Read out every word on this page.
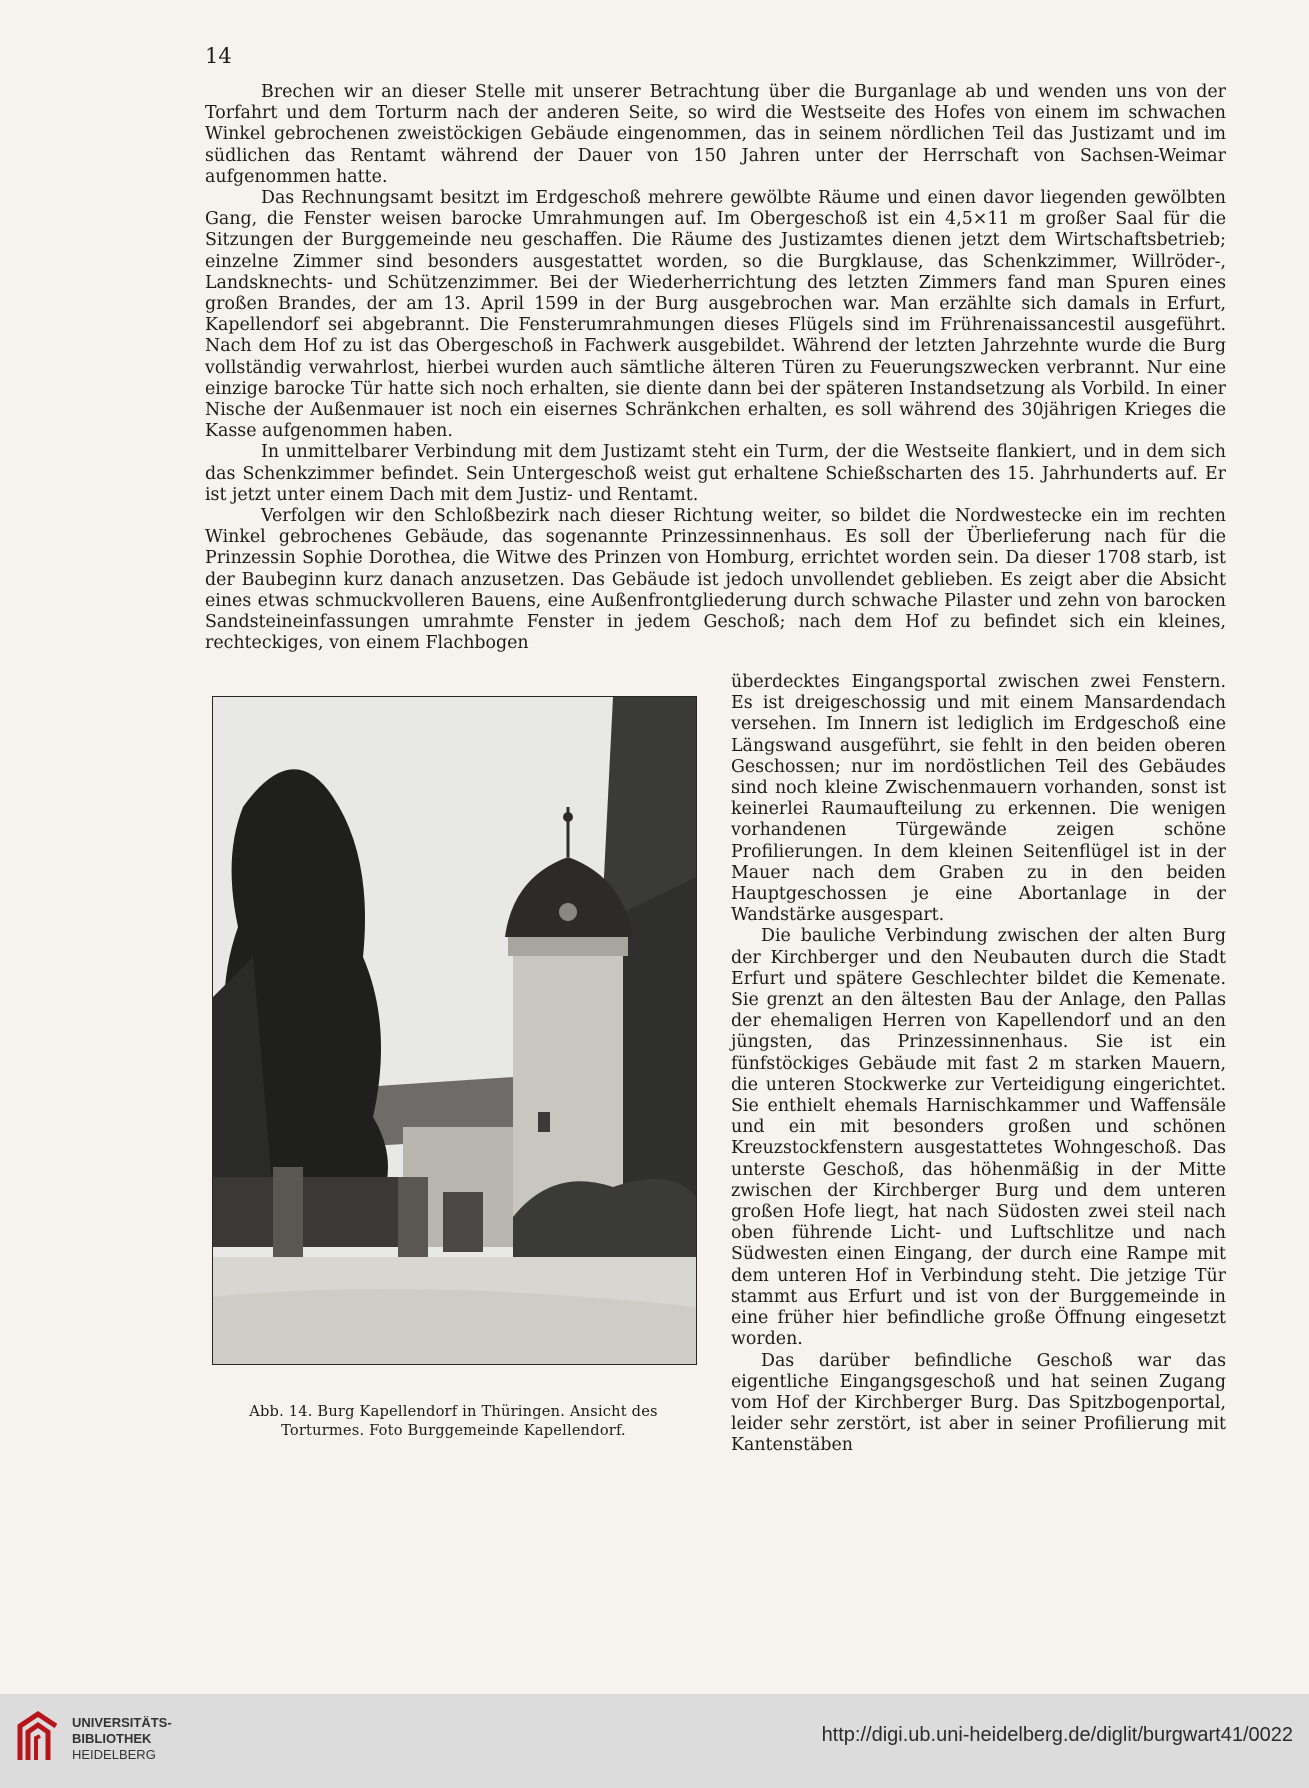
14

Brechen wir an dieser Stelle mit unserer Betrachtung über die Burganlage ab und wenden uns von der Torfahrt und dem Torturm nach der anderen Seite, so wird die Westseite des Hofes von einem im schwachen Winkel gebrochenen zweistöckigen Gebäude eingenommen, das in seinem nördlichen Teil das Justizamt und im südlichen das Rentamt während der Dauer von 150 Jahren unter der Herrschaft von Sachsen-Weimar aufgenommen hatte.

Das Rechnungsamt besitzt im Erdgeschoß mehrere gewölbte Räume und einen davor liegenden gewölbten Gang, die Fenster weisen barocke Umrahmungen auf. Im Obergeschoß ist ein 4,5×11 m großer Saal für die Sitzungen der Burggemeinde neu geschaffen. Die Räume des Justizamtes dienen jetzt dem Wirtschaftsbetrieb; einzelne Zimmer sind besonders ausgestattet worden, so die Burgklause, das Schenkzimmer, Willröder-, Landsknechts- und Schützenzimmer. Bei der Wiederherrichtung des letzten Zimmers fand man Spuren eines großen Brandes, der am 13. April 1599 in der Burg ausgebrochen war. Man erzählte sich damals in Erfurt, Kapellendorf sei abgebrannt. Die Fensterumrahmungen dieses Flügels sind im Frührenaissancestil ausgeführt. Nach dem Hof zu ist das Obergeschoß in Fachwerk ausgebildet. Während der letzten Jahrzehnte wurde die Burg vollständig verwahrlost, hierbei wurden auch sämtliche älteren Türen zu Feuerungszwecken verbrannt. Nur eine einzige barocke Tür hatte sich noch erhalten, sie diente dann bei der späteren Instandsetzung als Vorbild. In einer Nische der Außenmauer ist noch ein eisernes Schränkchen erhalten, es soll während des 30jährigen Krieges die Kasse aufgenommen haben.

In unmittelbarer Verbindung mit dem Justizamt steht ein Turm, der die Westseite flankiert, und in dem sich das Schenkzimmer befindet. Sein Untergeschoß weist gut erhaltene Schießscharten des 15. Jahrhunderts auf. Er ist jetzt unter einem Dach mit dem Justiz- und Rentamt.

Verfolgen wir den Schloßbezirk nach dieser Richtung weiter, so bildet die Nordwestecke ein im rechten Winkel gebrochenes Gebäude, das sogenannte Prinzessinnenhaus. Es soll der Überlieferung nach für die Prinzessin Sophie Dorothea, die Witwe des Prinzen von Homburg, errichtet worden sein. Da dieser 1708 starb, ist der Baubeginn kurz danach anzusetzen. Das Gebäude ist jedoch unvollendet geblieben. Es zeigt aber die Absicht eines etwas schmuckvolleren Bauens, eine Außenfrontgliederung durch schwache Pilaster und zehn von barocken Sandsteineinfassungen umrahmte Fenster in jedem Geschoß; nach dem Hof zu befindet sich ein kleines, rechteckiges, von einem Flachbogen

überdecktes Eingangsportal zwischen zwei Fenstern. Es ist dreigeschossig und mit einem Mansardendach versehen. Im Innern ist lediglich im Erdgeschoß eine Längswand ausgeführt, sie fehlt in den beiden oberen Geschossen; nur im nordöstlichen Teil des Gebäudes sind noch kleine Zwischenmauern vorhanden, sonst ist keinerlei Raumaufteilung zu erkennen. Die wenigen vorhandenen Türgewände zeigen schöne Profilierungen. In dem kleinen Seitenflügel ist in der Mauer nach dem Graben zu in den beiden Hauptgeschossen je eine Abortanlage in der Wandstärke ausgespart.

Die bauliche Verbindung zwischen der alten Burg der Kirchberger und den Neubauten durch die Stadt Erfurt und spätere Geschlechter bildet die Kemenate. Sie grenzt an den ältesten Bau der Anlage, den Pallas der ehemaligen Herren von Kapellendorf und an den jüngsten, das Prinzessinnenhaus. Sie ist ein fünfstöckiges Gebäude mit fast 2 m starken Mauern, die unteren Stockwerke zur Verteidigung eingerichtet. Sie enthielt ehemals Harnischkammer und Waffensäle und ein mit besonders großen und schönen Kreuzstockfenstern ausgestattetes Wohngeschoß. Das unterste Geschoß, das höhenmäßig in der Mitte zwischen der Kirchberger Burg und dem unteren großen Hofe liegt, hat nach Südosten zwei steil nach oben führende Licht- und Luftschlitze und nach Südwesten einen Eingang, der durch eine Rampe mit dem unteren Hof in Verbindung steht. Die jetzige Tür stammt aus Erfurt und ist von der Burggemeinde in eine früher hier befindliche große Öffnung eingesetzt worden.

Das darüber befindliche Geschoß war das eigentliche Eingangsgeschoß und hat seinen Zugang vom Hof der Kirchberger Burg. Das Spitzbogenportal, leider sehr zerstört, ist aber in seiner Profilierung mit Kantenstäben

Abb. 14. Burg Kapellendorf in Thüringen. Ansicht des
Torturmes. Foto Burggemeinde Kapellendorf.
UNIVERSITÄTS-
BIBLIOTHEK
HEIDELBERG
http://digi.ub.uni-heidelberg.de/diglit/burgwart41/0022
